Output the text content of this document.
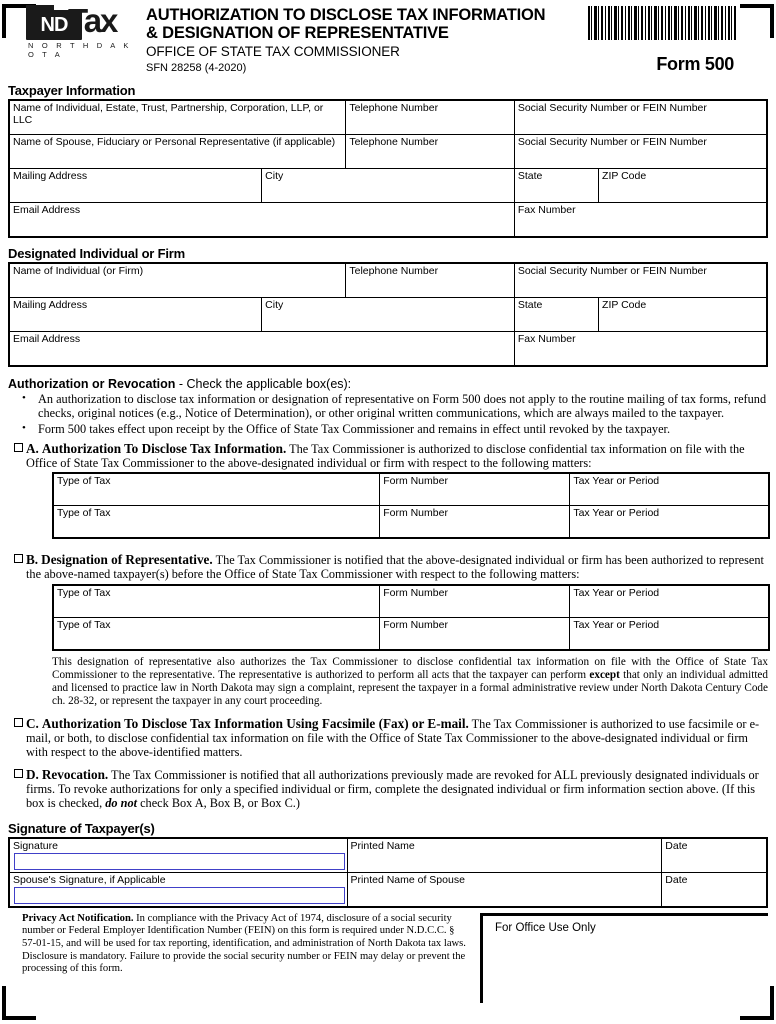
ND Tax
N O R T H D A K O T A
AUTHORIZATION TO DISCLOSE TAX INFORMATION
& DESIGNATION OF REPRESENTATIVE
OFFICE OF STATE TAX COMMISSIONER
SFN 28258 (4-2020)	Form 500
Taxpayer Information
Name of Individual, Estate, Trust, Partnership, Corporation, LLP, or LLC		Telephone Number	Social Security Number or FEIN Number	
Name of Spouse, Fiduciary or Personal Representative (if applicable)		Telephone Number	Social Security Number or FEIN Number	
Mailing Address	City		State	ZIP Code
Email Address			Fax Number	
Designated Individual or Firm
Name of Individual (or Firm)		Telephone Number	Social Security Number or FEIN Number	
Mailing Address	City		State	ZIP Code
Email Address			Fax Number	
Authorization or Revocation - Check the applicable box(es):
• An authorization to disclose tax information or designation of representative on Form 500 does not apply to the routine mailing of tax forms, refund checks, original notices (e.g., Notice of Determination), or other original written communications, which are always mailed to the taxpayer.
• Form 500 takes effect upon receipt by the Office of State Tax Commissioner and remains in effect until revoked by the taxpayer.
A. Authorization To Disclose Tax Information. The Tax Commissioner is authorized to disclose confidential tax information on file with the Office of State Tax Commissioner to the above-designated individual or firm with respect to the following matters:
Type of Tax	Form Number	Tax Year or Period
Type of Tax	Form Number	Tax Year or Period
B. Designation of Representative. The Tax Commissioner is notified that the above-designated individual or firm has been authorized to represent the above-named taxpayer(s) before the Office of State Tax Commissioner with respect to the following matters:
Type of Tax	Form Number	Tax Year or Period
Type of Tax	Form Number	Tax Year or Period
This designation of representative also authorizes the Tax Commissioner to disclose confidential tax information on file with the Office of State Tax Commissioner to the representative. The representative is authorized to perform all acts that the taxpayer can perform except that only an individual admitted and licensed to practice law in North Dakota may sign a complaint, represent the taxpayer in a formal administrative review under North Dakota Century Code ch. 28-32, or represent the taxpayer in any court proceeding.
C. Authorization To Disclose Tax Information Using Facsimile (Fax) or E-mail. The Tax Commissioner is authorized to use facsimile or e-mail, or both, to disclose confidential tax information on file with the Office of State Tax Commissioner to the above-designated individual or firm with respect to the above-identified matters.
D. Revocation. The Tax Commissioner is notified that all authorizations previously made are revoked for ALL previously designated individuals or firms. To revoke authorizations for only a specified individual or firm, complete the designated individual or firm information section above. (If this box is checked, do not check Box A, Box B, or Box C.)
Signature of Taxpayer(s)
Signature	Printed Name	Date
Spouse's Signature, if Applicable	Printed Name of Spouse	Date
Privacy Act Notification. In compliance with the Privacy Act of 1974, disclosure of a social security number or Federal Employer Identification Number (FEIN) on this form is required under N.D.C.C. § 57-01-15, and will be used for tax reporting, identification, and administration of North Dakota tax laws. Disclosure is mandatory. Failure to provide the social security number or FEIN may delay or prevent the processing of this form.
For Office Use Only
